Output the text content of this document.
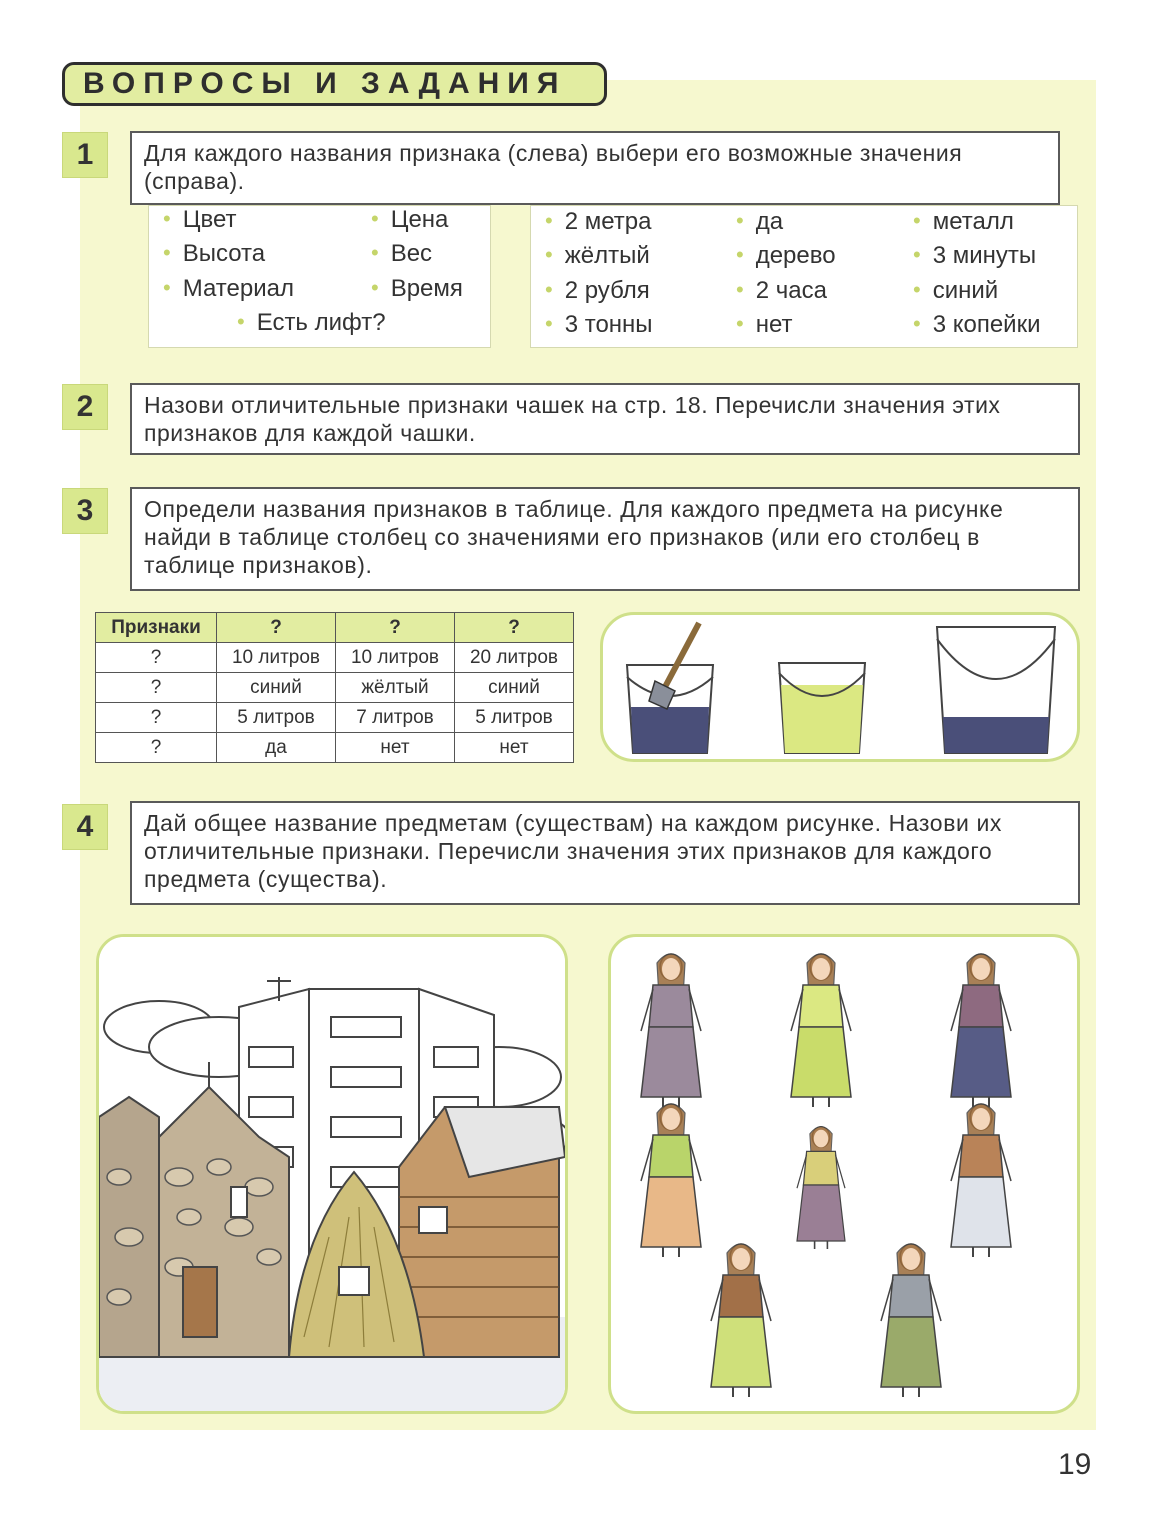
ВОПРОСЫ И ЗАДАНИЯ
1	Для каждого названия признака (слева) выбери его возможные значения (справа).
• Цвет	• Цена
• Высота	• Вес
• Материал	• Время
• Есть лифт?
• 2 метра	• да	• металл
• жёлтый	• дерево	• 3 минуты
• 2 рубля	• 2 часа	• синий
• 3 тонны	• нет	• 3 копейки
2	Назови отличительные признаки чашек на стр. 18. Перечисли значения этих признаков для каждой чашки.
3	Определи названия признаков в таблице. Для каждого предмета на рисунке найди в таблице столбец со значениями его признаков (или его столбец в таблице признаков).
Признаки	?	?	?
?	10 литров	10 литров	20 литров
?	синий	жёлтый	синий
?	5 литров	7 литров	5 литров
?	да	нет	нет
4	Дай общее название предметам (существам) на каждом рисунке. Назови их отличительные признаки. Перечисли значения этих признаков для каждого предмета (существа).
19
